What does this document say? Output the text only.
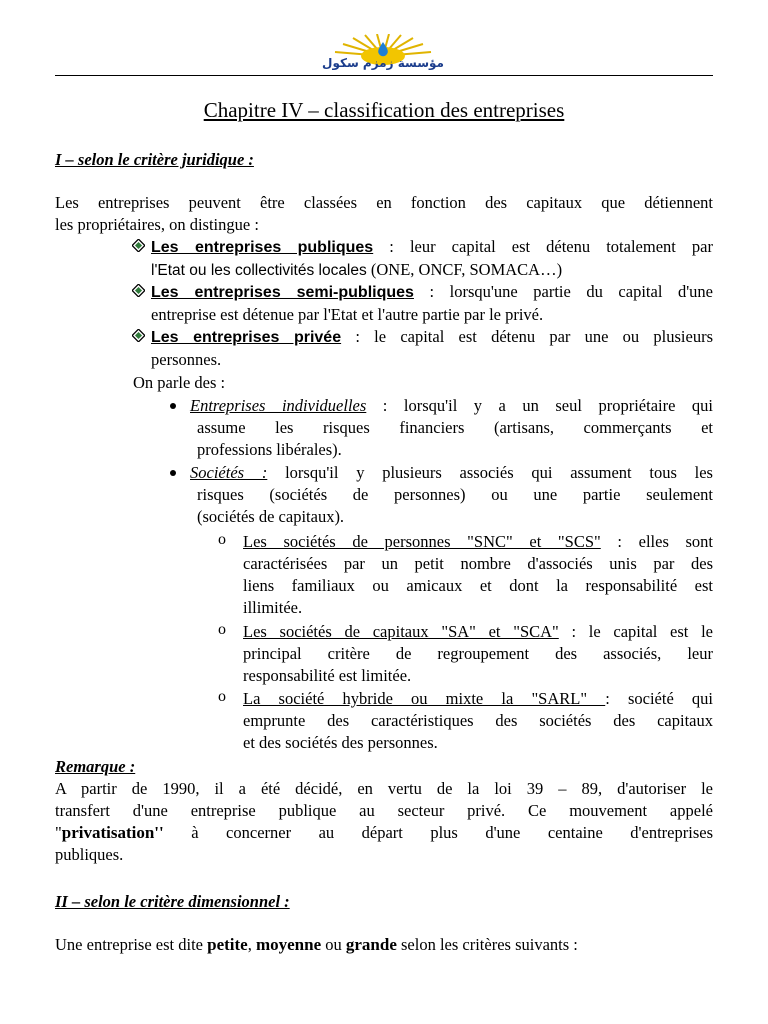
مؤسسة زمزم سكول
Chapitre IV – classification des entreprises
I – selon le critère juridique :
Les entreprises peuvent être classées en fonction des capitaux que détiennent
les propriétaires, on distingue :
Les entreprises publiques : leur capital est détenu totalement par
l'Etat ou les collectivités locales (ONE, ONCF, SOMACA…)
Les entreprises semi-publiques : lorsqu'une partie du capital d'une
entreprise est détenue par l'Etat et l'autre partie par le privé.
Les entreprises privée : le capital est détenu par une ou plusieurs
personnes.
On parle des :
Entreprises individuelles : lorsqu'il y a un seul propriétaire qui
assume les risques financiers (artisans, commerçants et
professions libérales).
Sociétés : lorsqu'il y plusieurs associés qui assument tous les
risques (sociétés de personnes) ou une partie seulement
(sociétés de capitaux).
o Les sociétés de personnes "SNC" et "SCS" : elles sont
caractérisées par un petit nombre d'associés unis par des
liens familiaux ou amicaux et dont la responsabilité est
illimitée.
o Les sociétés de capitaux "SA" et "SCA" : le capital est le
principal critère de regroupement des associés, leur
responsabilité est limitée.
o La société hybride ou mixte la "SARL" : société qui
emprunte des caractéristiques des sociétés des capitaux
et des sociétés des personnes.
Remarque :
A partir de 1990, il a été décidé, en vertu de la loi 39 – 89, d'autoriser le
transfert d'une entreprise publique au secteur privé. Ce mouvement appelé
"privatisation'' à concerner au départ plus d'une centaine d'entreprises
publiques.
II – selon le critère dimensionnel :
Une entreprise est dite petite, moyenne ou grande selon les critères suivants :
